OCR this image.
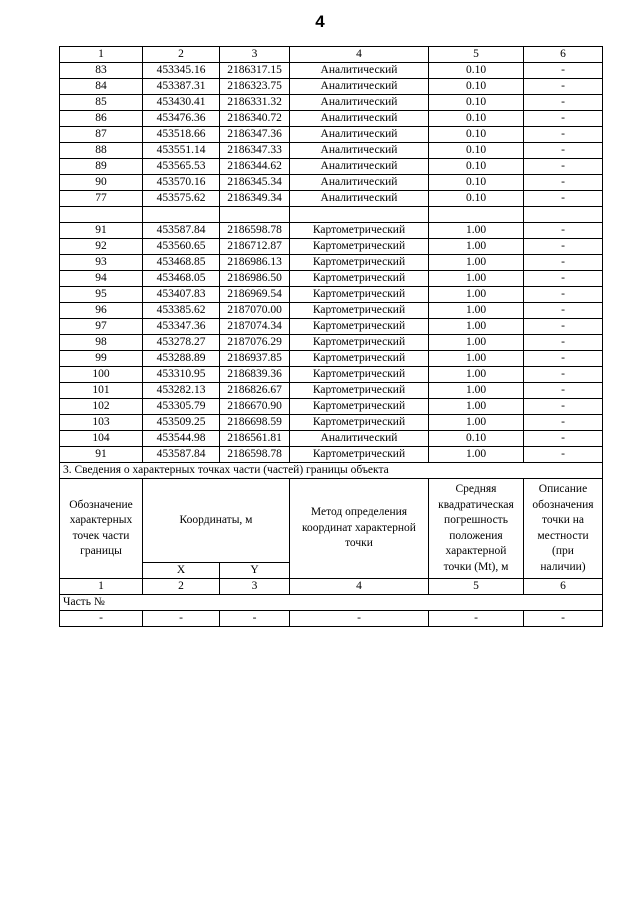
4
1	2	3	4	5	6
83	453345.16	2186317.15	Аналитический	0.10	-
84	453387.31	2186323.75	Аналитический	0.10	-
85	453430.41	2186331.32	Аналитический	0.10	-
86	453476.36	2186340.72	Аналитический	0.10	-
87	453518.66	2186347.36	Аналитический	0.10	-
88	453551.14	2186347.33	Аналитический	0.10	-
89	453565.53	2186344.62	Аналитический	0.10	-
90	453570.16	2186345.34	Аналитический	0.10	-
77	453575.62	2186349.34	Аналитический	0.10	-

91	453587.84	2186598.78	Картометрический	1.00	-
92	453560.65	2186712.87	Картометрический	1.00	-
93	453468.85	2186986.13	Картометрический	1.00	-
94	453468.05	2186986.50	Картометрический	1.00	-
95	453407.83	2186969.54	Картометрический	1.00	-
96	453385.62	2187070.00	Картометрический	1.00	-
97	453347.36	2187074.34	Картометрический	1.00	-
98	453278.27	2187076.29	Картометрический	1.00	-
99	453288.89	2186937.85	Картометрический	1.00	-
100	453310.95	2186839.36	Картометрический	1.00	-
101	453282.13	2186826.67	Картометрический	1.00	-
102	453305.79	2186670.90	Картометрический	1.00	-
103	453509.25	2186698.59	Картометрический	1.00	-
104	453544.98	2186561.81	Аналитический	0.10	-
91	453587.84	2186598.78	Картометрический	1.00	-
3. Сведения о характерных точках части (частей) границы объекта					
Обозначение характерных точек части границы	Координаты, м		Метод определения координат характерной точки	Средняя квадратическая погрешность положения характерной точки (Mt), м	Описание обозначения точки на местности (при наличии)
	X	Y			
1	2	3	4	5	6
Часть №					
-	-	-	-	-	-
